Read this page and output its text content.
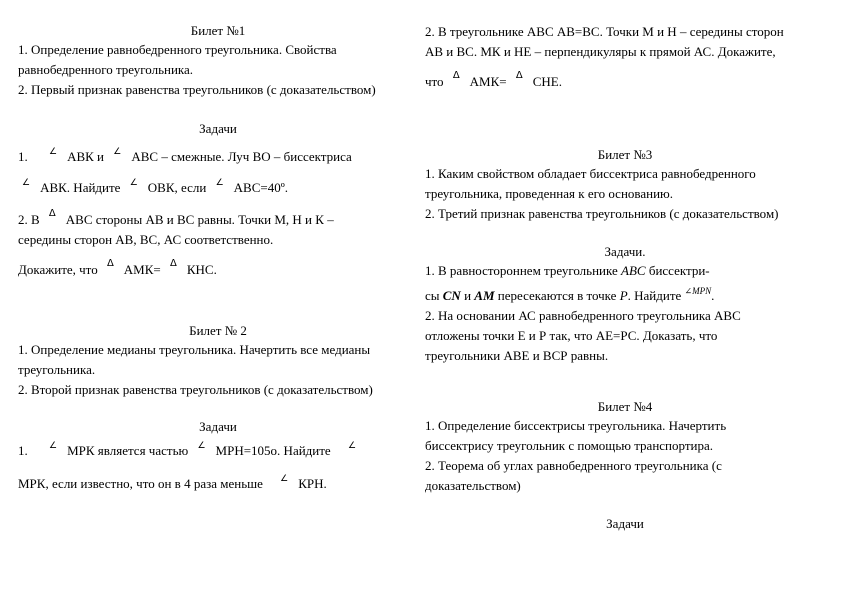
Билет №1
1. Определение равнобедренного треугольника. Свойства
равнобедренного треугольника.
2. Первый признак равенства треугольников (с доказательством)
Задачи
1. ∠ АВК и ∠ АВС – смежные. Луч ВО – биссектриса
∠ АВК. Найдите ∠ ОВК, если ∠ АВС=40º.
2. В Δ АВС стороны АВ и ВС равны. Точки М, Н и К –
середины сторон АВ, ВС, АС соответственно.
Докажите, что Δ АМК= Δ КНС.
Билет № 2
1. Определение медианы треугольника. Начертить все медианы
треугольника.
2. Второй признак равенства треугольников (с доказательством)
Задачи
1. ∠ МРК является частью ∠ МРН=105о. Найдите ∠
МРК, если известно, что он в 4 раза меньше ∠ КРН.
2. В треугольнике АВС АВ=ВС. Точки М и Н – середины сторон
АВ и ВС. МК и НЕ – перпендикуляры к прямой АС. Докажите,
что Δ АМК= Δ СНЕ.
Билет №3
1. Каким свойством обладает биссектриса равнобедренного
треугольника, проведенная к его основанию.
2. Третий признак равенства треугольников (с доказательством)
Задачи.
1. В равностороннем треугольнике ABC биссектри-
сы CN и AM пересекаются в точке P. Найдите $^{\angle MPN}$.
2. На основании АС равнобедренного треугольника АВС
отложены точки Е и Р так, что АЕ=РС. Доказать, что
треугольники АВЕ и ВСР равны.
Билет №4
1. Определение биссектрисы треугольника. Начертить
биссектрису треугольник с помощью транспортира.
2. Теорема об углах равнобедренного треугольника (с
доказательством)
Задачи
